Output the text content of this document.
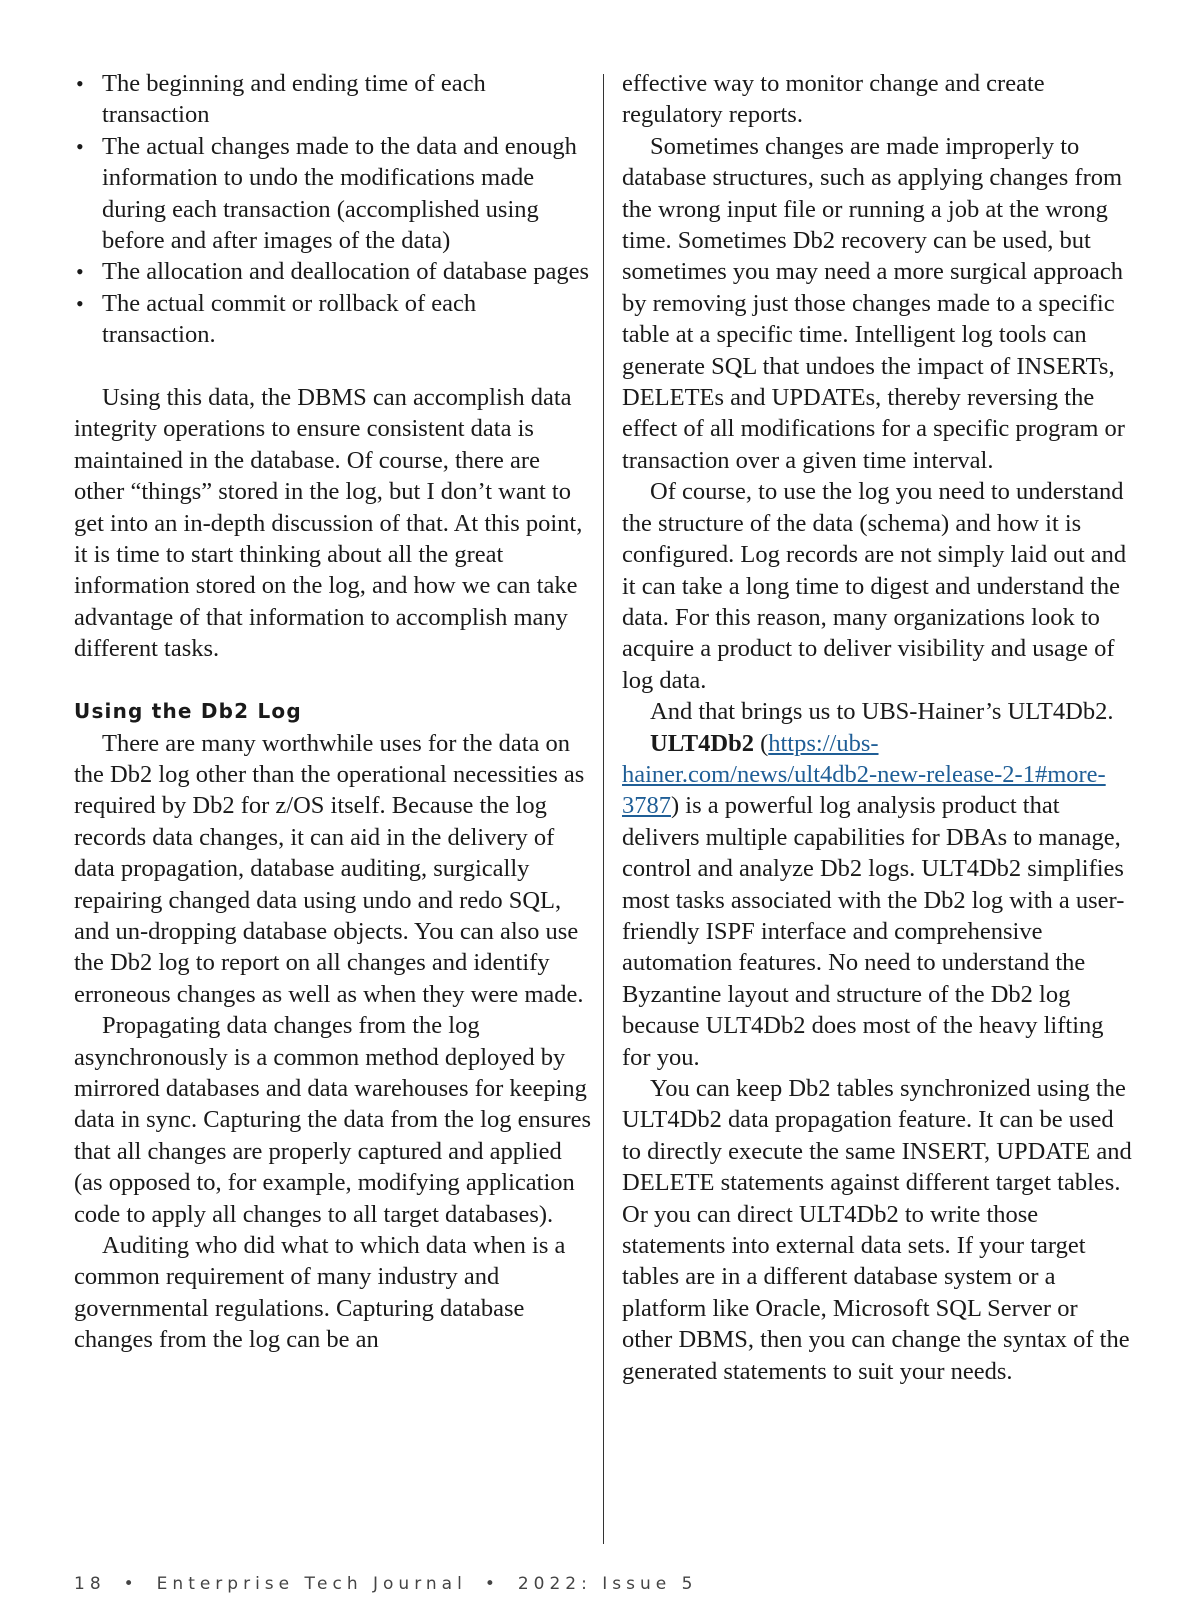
• The beginning and ending time of each transaction
• The actual changes made to the data and enough information to undo the modifications made during each transaction (accomplished using before and after images of the data)
• The allocation and deallocation of database pages
• The actual commit or rollback of each transaction.

Using this data, the DBMS can accomplish data integrity operations to ensure consistent data is maintained in the database. Of course, there are other “things” stored in the log, but I don’t want to get into an in-depth discussion of that. At this point, it is time to start thinking about all the great information stored on the log, and how we can take advantage of that information to accomplish many different tasks.

Using the Db2 Log

There are many worthwhile uses for the data on the Db2 log other than the operational necessities as required by Db2 for z/OS itself. Because the log records data changes, it can aid in the delivery of data propagation, database auditing, surgically repairing changed data using undo and redo SQL, and un-dropping database objects. You can also use the Db2 log to report on all changes and identify erroneous changes as well as when they were made.

Propagating data changes from the log asynchronously is a common method deployed by mirrored databases and data warehouses for keeping data in sync. Capturing the data from the log ensures that all changes are properly captured and applied (as opposed to, for example, modifying application code to apply all changes to all target databases).

Auditing who did what to which data when is a common requirement of many industry and governmental regulations. Capturing database changes from the log can be an

effective way to monitor change and create regulatory reports.

Sometimes changes are made improperly to database structures, such as applying changes from the wrong input file or running a job at the wrong time. Sometimes Db2 recovery can be used, but sometimes you may need a more surgical approach by removing just those changes made to a specific table at a specific time. Intelligent log tools can generate SQL that undoes the impact of INSERTs, DELETEs and UPDATEs, thereby reversing the effect of all modifications for a specific program or transaction over a given time interval.

Of course, to use the log you need to understand the structure of the data (schema) and how it is configured. Log records are not simply laid out and it can take a long time to digest and understand the data. For this reason, many organizations look to acquire a product to deliver visibility and usage of log data.

And that brings us to UBS-Hainer’s ULT4Db2.

ULT4Db2 (https://ubs-hainer.com/news/ult4db2-new-release-2-1#more-3787) is a powerful log analysis product that delivers multiple capabilities for DBAs to manage, control and analyze Db2 logs. ULT4Db2 simplifies most tasks associated with the Db2 log with a user-friendly ISPF interface and comprehensive automation features. No need to understand the Byzantine layout and structure of the Db2 log because ULT4Db2 does most of the heavy lifting for you.

You can keep Db2 tables synchronized using the ULT4Db2 data propagation feature. It can be used to directly execute the same INSERT, UPDATE and DELETE statements against different target tables. Or you can direct ULT4Db2 to write those statements into external data sets. If your target tables are in a different database system or a platform like Oracle, Microsoft SQL Server or other DBMS, then you can change the syntax of the generated statements to suit your needs.

18 • Enterprise Tech Journal • 2022: Issue 5
